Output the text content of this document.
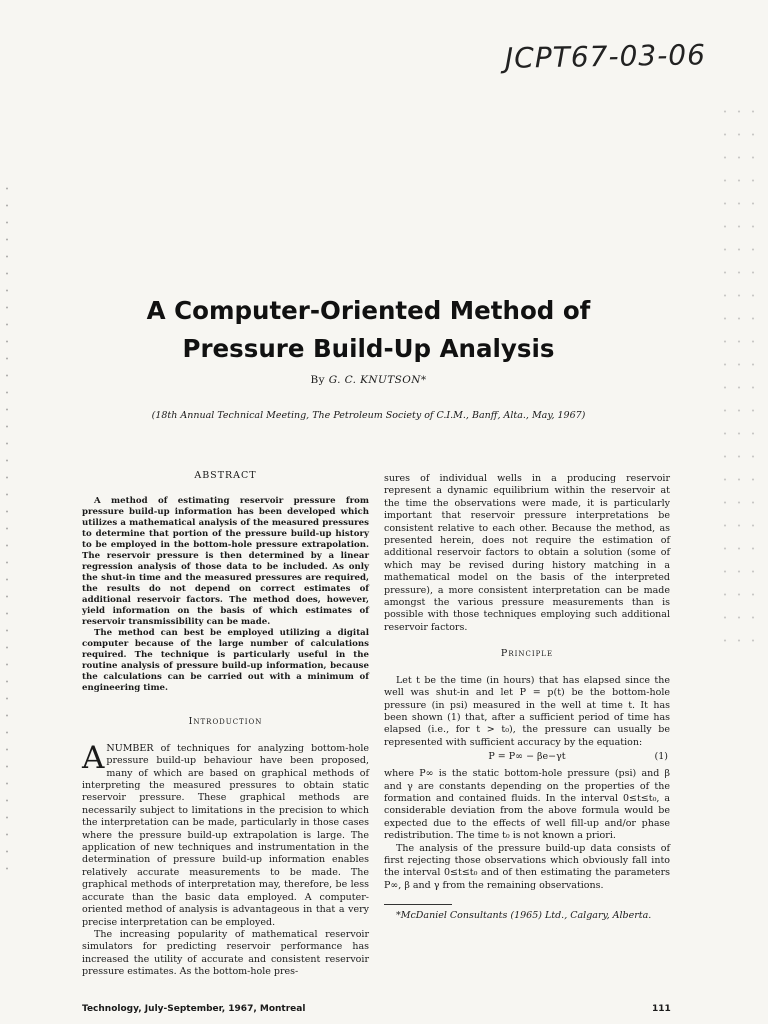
JCPT67-03-06
A Computer-Oriented Method of
Pressure Build-Up Analysis
By G. C. KNUTSON*
(18th Annual Technical Meeting, The Petroleum Society of C.I.M., Banff, Alta., May, 1967)
ABSTRACT

A method of estimating reservoir pressure from pressure build-up information has been developed which utilizes a mathematical analysis of the measured pressures to determine that portion of the pressure build-up history to be employed in the bottom-hole pressure extrapolation. The reservoir pressure is then determined by a linear regression analysis of those data to be included. As only the shut-in time and the measured pressures are required, the results do not depend on correct estimates of additional reservoir factors. The method does, however, yield information on the basis of which estimates of reservoir transmissibility can be made.

The method can best be employed utilizing a digital computer because of the large number of calculations required. The technique is particularly useful in the routine analysis of pressure build-up information, because the calculations can be carried out with a minimum of engineering time.

Introduction

ANUMBER of techniques for analyzing bottom-hole pressure build-up behaviour have been proposed, many of which are based on graphical methods of interpreting the measured pressures to obtain static reservoir pressure. These graphical methods are necessarily subject to limitations in the precision to which the interpretation can be made, particularly in those cases where the pressure build-up extrapolation is large. The application of new techniques and instrumentation in the determination of pressure build-up information enables relatively accurate measurements to be made. The graphical methods of interpretation may, therefore, be less accurate than the basic data employed. A computer-oriented method of analysis is advantageous in that a very precise interpretation can be employed.

The increasing popularity of mathematical reservoir simulators for predicting reservoir performance has increased the utility of accurate and consistent reservoir pressure estimates. As the bottom-hole pres-

sures of individual wells in a producing reservoir represent a dynamic equilibrium within the reservoir at the time the observations were made, it is particularly important that reservoir pressure interpretations be consistent relative to each other. Because the method, as presented herein, does not require the estimation of additional reservoir factors to obtain a solution (some of which may be revised during history matching in a mathematical model on the basis of the interpreted pressure), a more consistent interpretation can be made amongst the various pressure measurements than is possible with those techniques employing such additional reservoir factors.

Principle

Let t be the time (in hours) that has elapsed since the well was shut-in and let P = p(t) be the bottom-hole pressure (in psi) measured in the well at time t. It has been shown (1) that, after a sufficient period of time has elapsed (i.e., for t > t₀), the pressure can usually be represented with sufficient accuracy by the equation:

P = P∞ − βe−γt	(1)

where P∞ is the static bottom-hole pressure (psi) and β and γ are constants depending on the properties of the formation and contained fluids. In the interval 0≤t≤t₀, a considerable deviation from the above formula would be expected due to the effects of well fill-up and/or phase redistribution. The time t₀ is not known a priori.

The analysis of the pressure build-up data consists of first rejecting those observations which obviously fall into the interval 0≤t≤t₀ and of then estimating the parameters P∞, β and γ from the remaining observations.

*McDaniel Consultants (1965) Ltd., Calgary, Alberta.

Technology, July-September, 1967, Montreal	111
